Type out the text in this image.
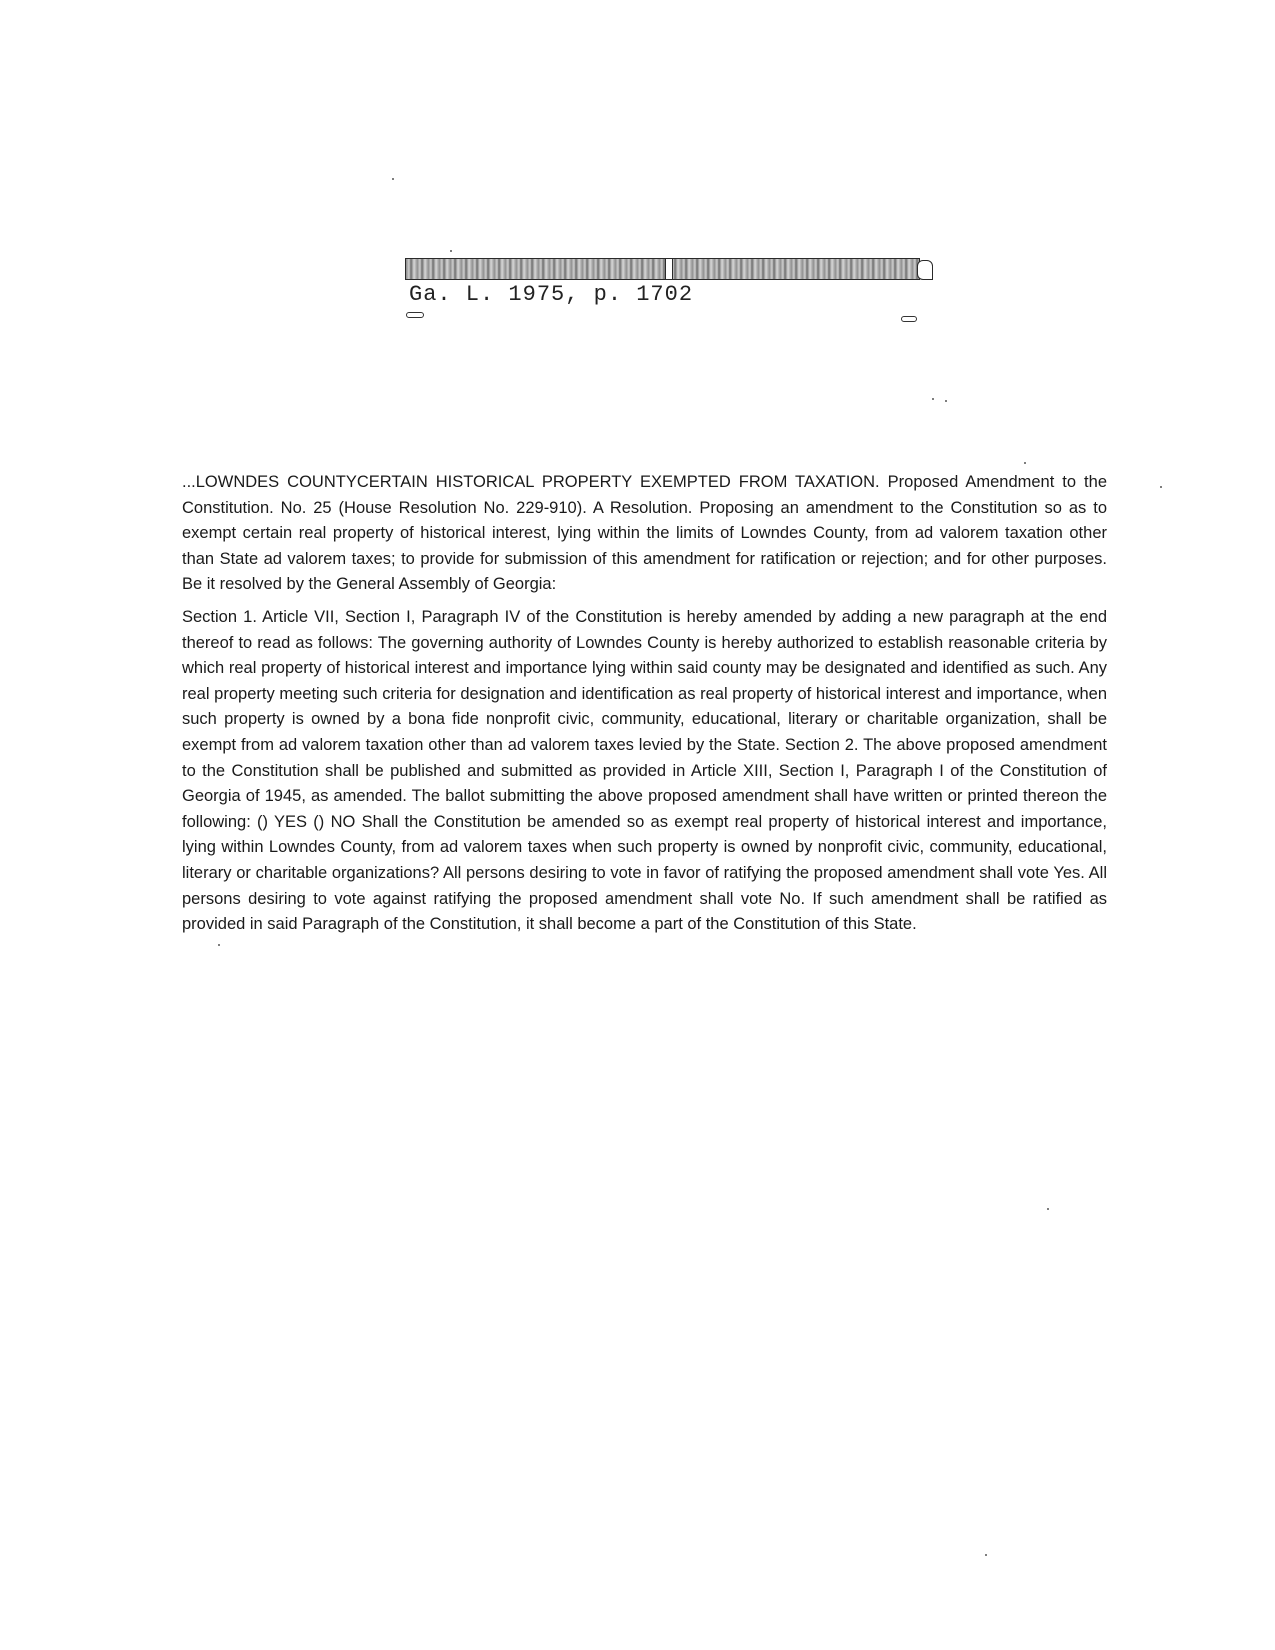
Ga. L. 1975, p. 1702

...LOWNDES COUNTYCERTAIN HISTORICAL PROPERTY EXEMPTED FROM TAXATION. Proposed Amendment to the Constitution. No. 25 (House Resolution No. 229-910). A Resolution. Proposing an amendment to the Constitution so as to exempt certain real property of historical interest, lying within the limits of Lowndes County, from ad valorem taxation other than State ad valorem taxes; to provide for submission of this amendment for ratification or rejection; and for other purposes. Be it resolved by the General Assembly of Georgia:

Section 1. Article VII, Section I, Paragraph IV of the Constitution is hereby amended by adding a new paragraph at the end thereof to read as follows: The governing authority of Lowndes County is hereby authorized to establish reasonable criteria by which real property of historical interest and importance lying within said county may be designated and identified as such. Any real property meeting such criteria for designation and identification as real property of historical interest and importance, when such property is owned by a bona fide nonprofit civic, community, educational, literary or charitable organization, shall be exempt from ad valorem taxation other than ad valorem taxes levied by the State. Section 2. The above proposed amendment to the Constitution shall be published and submitted as provided in Article XIII, Section I, Paragraph I of the Constitution of Georgia of 1945, as amended. The ballot submitting the above proposed amendment shall have written or printed thereon the following: () YES () NO Shall the Constitution be amended so as exempt real property of historical interest and importance, lying within Lowndes County, from ad valorem taxes when such property is owned by nonprofit civic, community, educational, literary or charitable organizations? All persons desiring to vote in favor of ratifying the proposed amendment shall vote Yes. All persons desiring to vote against ratifying the proposed amendment shall vote No. If such amendment shall be ratified as provided in said Paragraph of the Constitution, it shall become a part of the Constitution of this State.
